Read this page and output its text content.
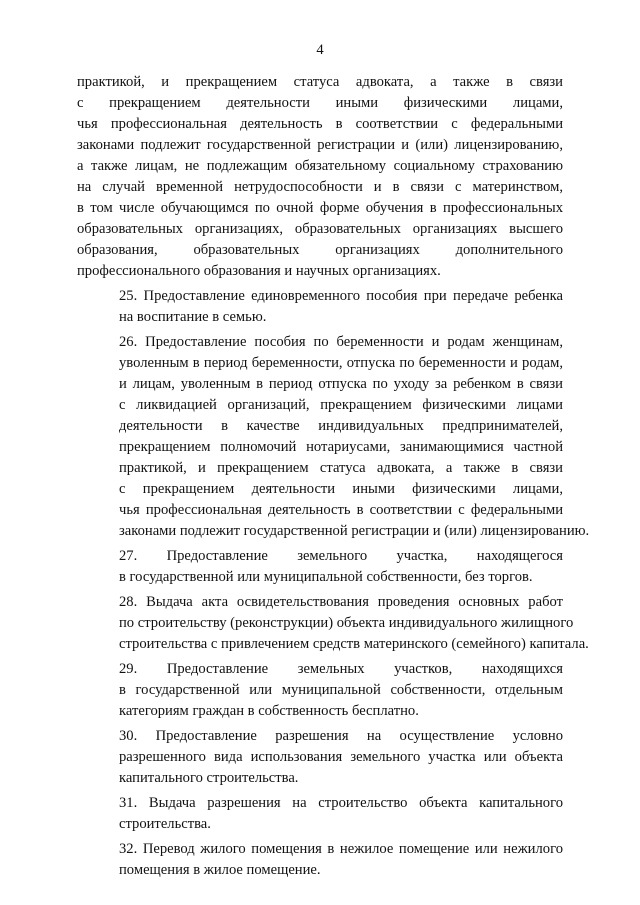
4

практикой, и прекращением статуса адвоката, а также в связи
с прекращением деятельности иными физическими лицами,
чья профессиональная деятельность в соответствии с федеральными
законами подлежит государственной регистрации и (или) лицензированию,
а также лицам, не подлежащим обязательному социальному страхованию
на случай временной нетрудоспособности и в связи с материнством,
в том числе обучающимся по очной форме обучения в профессиональных
образовательных организациях, образовательных организациях высшего
образования, образовательных организациях дополнительного
профессионального образования и научных организациях.

25. Предоставление единовременного пособия при передаче ребенка
на воспитание в семью.

26. Предоставление пособия по беременности и родам женщинам,
уволенным в период беременности, отпуска по беременности и родам,
и лицам, уволенным в период отпуска по уходу за ребенком в связи
с ликвидацией организаций, прекращением физическими лицами
деятельности в качестве индивидуальных предпринимателей,
прекращением полномочий нотариусами, занимающимися частной
практикой, и прекращением статуса адвоката, а также в связи
с прекращением деятельности иными физическими лицами,
чья профессиональная деятельность в соответствии с федеральными
законами подлежит государственной регистрации и (или) лицензированию.

27. Предоставление земельного участка, находящегося
в государственной или муниципальной собственности, без торгов.

28. Выдача акта освидетельствования проведения основных работ
по строительству (реконструкции) объекта индивидуального жилищного
строительства с привлечением средств материнского (семейного) капитала.

29. Предоставление земельных участков, находящихся
в государственной или муниципальной собственности, отдельным
категориям граждан в собственность бесплатно.

30. Предоставление разрешения на осуществление условно
разрешенного вида использования земельного участка или объекта
капитального строительства.

31. Выдача разрешения на строительство объекта капитального
строительства.

32. Перевод жилого помещения в нежилое помещение или нежилого
помещения в жилое помещение.
